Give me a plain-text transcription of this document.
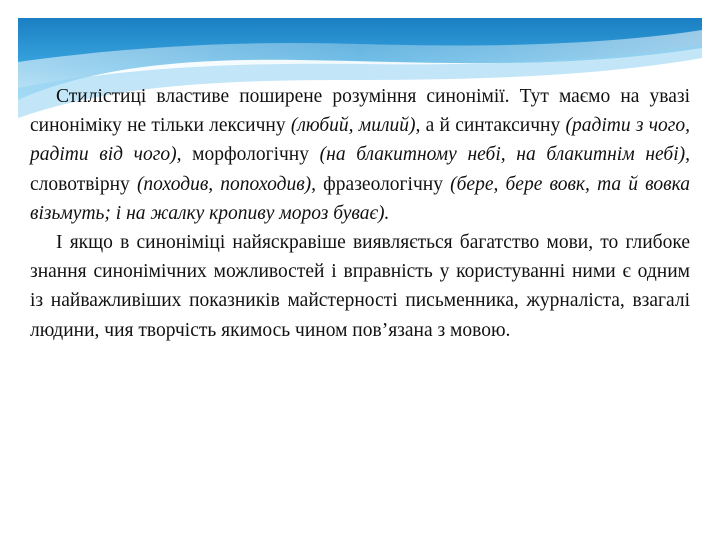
Стилістиці властиве поширене розуміння синонімії. Тут маємо на увазі синоніміку не тільки лексичну (любий, милий), а й синтаксичну (радіти з чого, радіти від чого), морфологічну (на блакитному небі, на блакитнім небі), словотвірну (походив, попоходив), фразеологічну (бере, бере вовк, та й вовка візьмуть; і на жалку кропиву мороз буває).

І якщо в синоніміці найяскравіше виявляється багатство мови, то глибоке знання синонімічних можливостей і вправність у користуванні ними є одним із найважливіших показників майстерності письменника, журналіста, взагалі людини, чия творчість якимось чином пов’язана з мовою.
